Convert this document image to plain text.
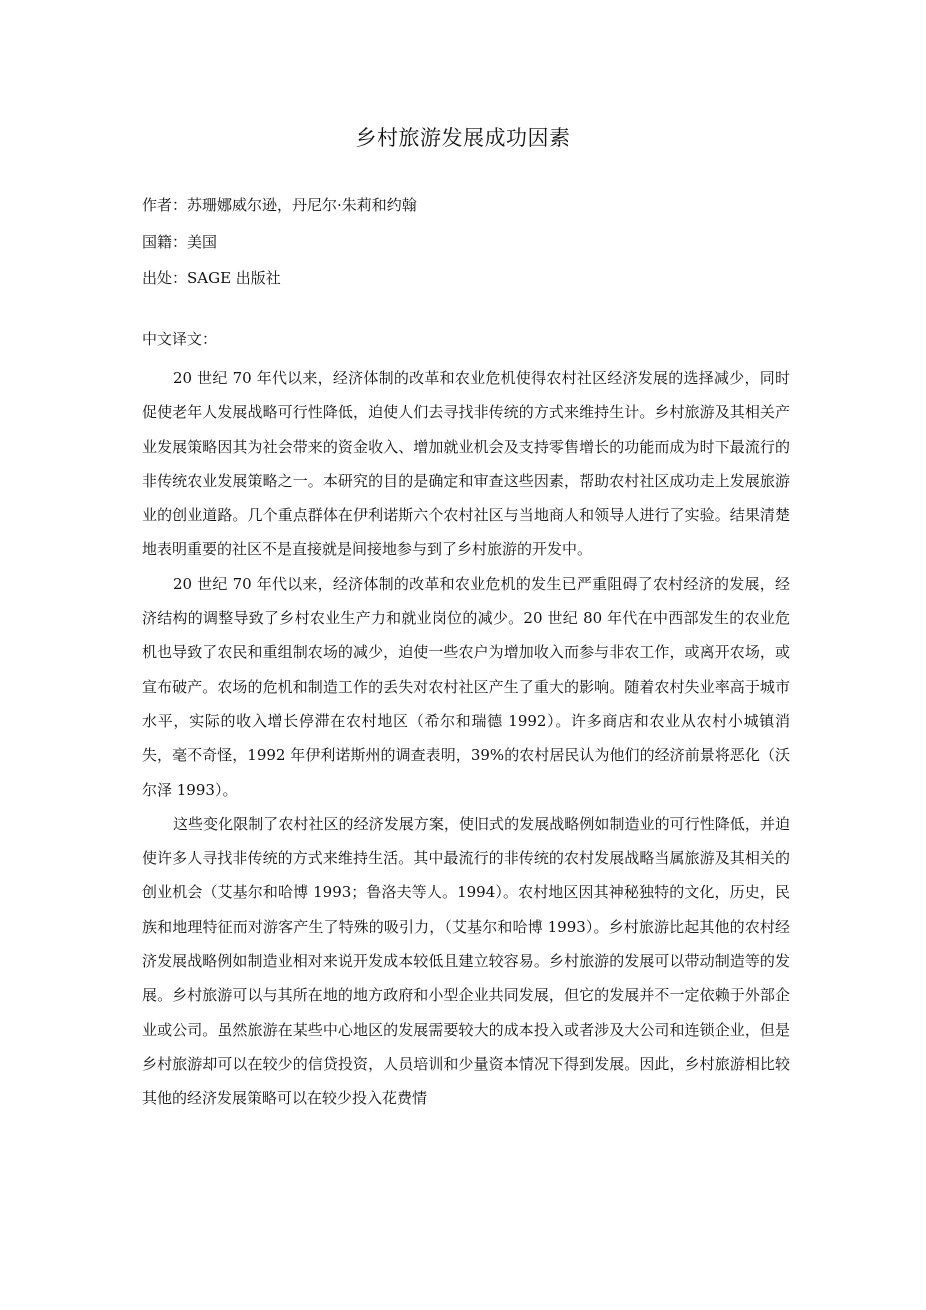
乡村旅游发展成功因素
作者：苏珊娜威尔逊，丹尼尔·朱莉和约翰
国籍：美国
出处：SAGE 出版社
中文译文：

20 世纪 70 年代以来，经济体制的改革和农业危机使得农村社区经济发展的选择减少，同时促使老年人发展战略可行性降低，迫使人们去寻找非传统的方式来维持生计。乡村旅游及其相关产业发展策略因其为社会带来的资金收入、增加就业机会及支持零售增长的功能而成为时下最流行的非传统农业发展策略之一。本研究的目的是确定和审查这些因素，帮助农村社区成功走上发展旅游业的创业道路。几个重点群体在伊利诺斯六个农村社区与当地商人和领导人进行了实验。结果清楚地表明重要的社区不是直接就是间接地参与到了乡村旅游的开发中。

20 世纪 70 年代以来，经济体制的改革和农业危机的发生已严重阻碍了农村经济的发展，经济结构的调整导致了乡村农业生产力和就业岗位的减少。20 世纪 80 年代在中西部发生的农业危机也导致了农民和重组制农场的减少，迫使一些农户为增加收入而参与非农工作，或离开农场，或宣布破产。农场的危机和制造工作的丢失对农村社区产生了重大的影响。随着农村失业率高于城市水平，实际的收入增长停滞在农村地区（希尔和瑞德 1992）。许多商店和农业从农村小城镇消失，毫不奇怪，1992 年伊利诺斯州的调查表明，39%的农村居民认为他们的经济前景将恶化（沃尔泽 1993）。

这些变化限制了农村社区的经济发展方案，使旧式的发展战略例如制造业的可行性降低，并迫使许多人寻找非传统的方式来维持生活。其中最流行的非传统的农村发展战略当属旅游及其相关的创业机会（艾基尔和哈博 1993；鲁洛夫等人。1994）。农村地区因其神秘独特的文化，历史，民族和地理特征而对游客产生了特殊的吸引力，（艾基尔和哈博 1993）。乡村旅游比起其他的农村经济发展战略例如制造业相对来说开发成本较低且建立较容易。乡村旅游的发展可以带动制造等的发展。乡村旅游可以与其所在地的地方政府和小型企业共同发展，但它的发展并不一定依赖于外部企业或公司。虽然旅游在某些中心地区的发展需要较大的成本投入或者涉及大公司和连锁企业，但是乡村旅游却可以在较少的信贷投资，人员培训和少量资本情况下得到发展。因此，乡村旅游相比较其他的经济发展策略可以在较少投入花费情
